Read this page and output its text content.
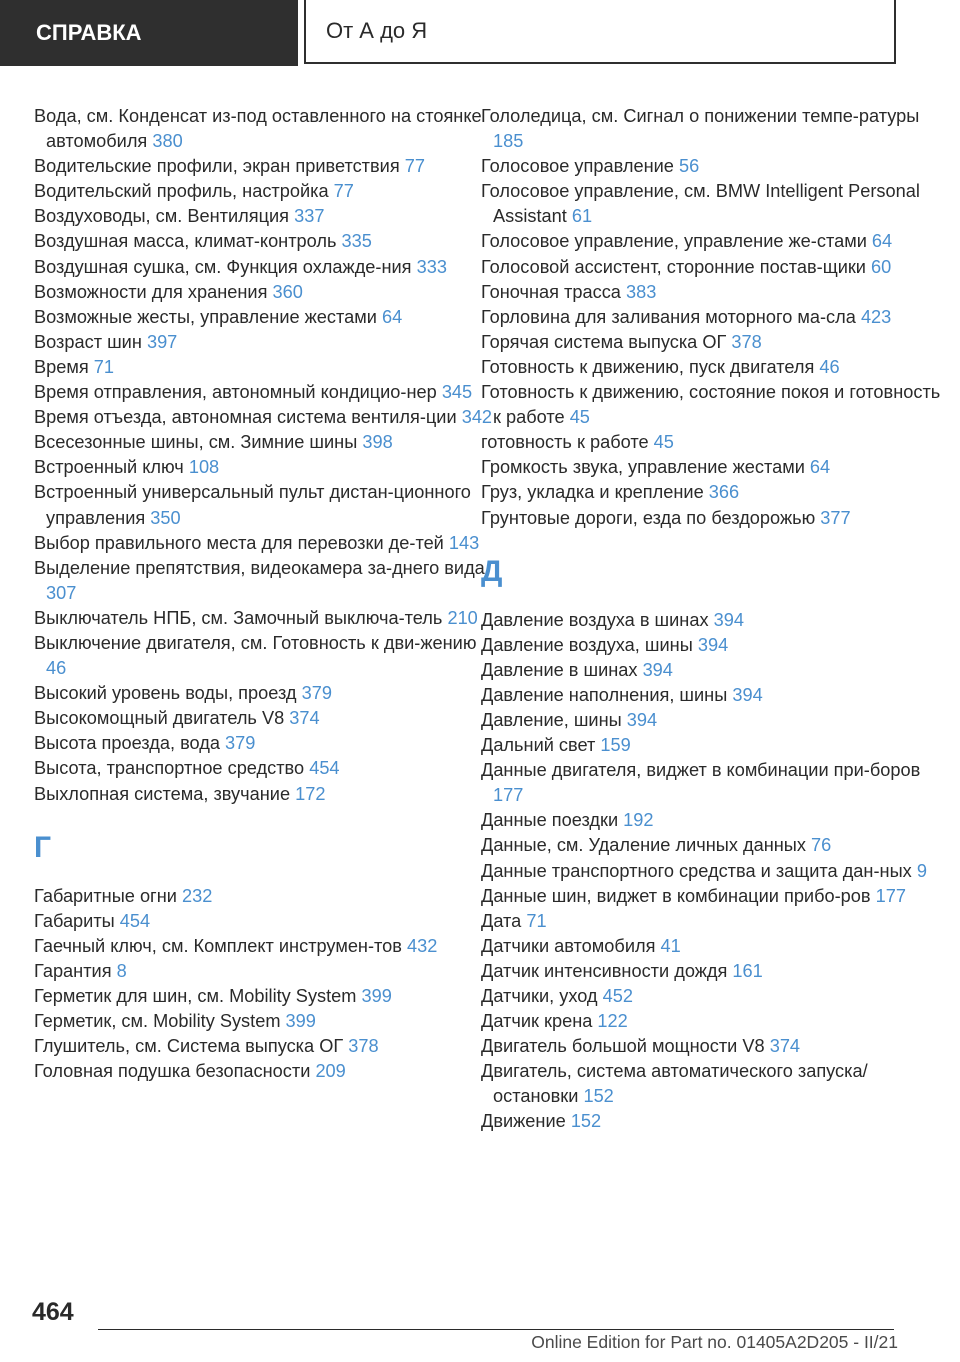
СПРАВКА	От А до Я

Вода, см. Конденсат из-под оставленного на стоянке автомобиля 380

Водительские профили, экран приветствия 77

Водительский профиль, настройка 77

Воздуховоды, см. Вентиляция 337

Воздушная масса, климат-контроль 335

Воздушная сушка, см. Функция охлажде-ния 333

Возможности для хранения 360

Возможные жесты, управление жестами 64

Возраст шин 397

Время 71

Время отправления, автономный кондицио-нер 345

Время отъезда, автономная система вентиля-ции 342

Всесезонные шины, см. Зимние шины 398

Встроенный ключ 108

Встроенный универсальный пульт дистан-ционного управления 350

Выбор правильного места для перевозки де-тей 143

Выделение препятствия, видеокамера за-днего вида 307

Выключатель НПБ, см. Замочный выключа-тель 210

Выключение двигателя, см. Готовность к дви-жению 46

Высокий уровень воды, проезд 379

Высокомощный двигатель V8 374

Высота проезда, вода 379

Высота, транспортное средство 454

Выхлопная система, звучание 172

Г

Габаритные огни 232

Габариты 454

Гаечный ключ, см. Комплект инструмен-тов 432

Гарантия 8

Герметик для шин, см. Mobility System 399

Герметик, см. Mobility System 399

Глушитель, см. Система выпуска ОГ 378

Головная подушка безопасности 209

Гололедица, см. Сигнал о понижении темпе-ратуры 185

Голосовое управление 56

Голосовое управление, см. BMW Intelligent Personal Assistant 61

Голосовое управление, управление же-стами 64

Голосовой ассистент, сторонние постав-щики 60

Гоночная трасса 383

Горловина для заливания моторного ма-сла 423

Горячая система выпуска ОГ 378

Готовность к движению, пуск двигателя 46

Готовность к движению, состояние покоя и готовность к работе 45

готовность к работе 45

Громкость звука, управление жестами 64

Груз, укладка и крепление 366

Грунтовые дороги, езда по бездорожью 377

Д

Давление воздуха в шинах 394

Давление воздуха, шины 394

Давление в шинах 394

Давление наполнения, шины 394

Давление, шины 394

Дальний свет 159

Данные двигателя, виджет в комбинации при-боров 177

Данные поездки 192

Данные, см. Удаление личных данных 76

Данные транспортного средства и защита дан-ных 9

Данные шин, виджет в комбинации прибо-ров 177

Дата 71

Датчики автомобиля 41

Датчик интенсивности дождя 161

Датчики, уход 452

Датчик крена 122

Двигатель большой мощности V8 374

Двигатель, система автоматического запуска/остановки 152

Движение 152

464
Online Edition for Part no. 01405A2D205 - II/21
